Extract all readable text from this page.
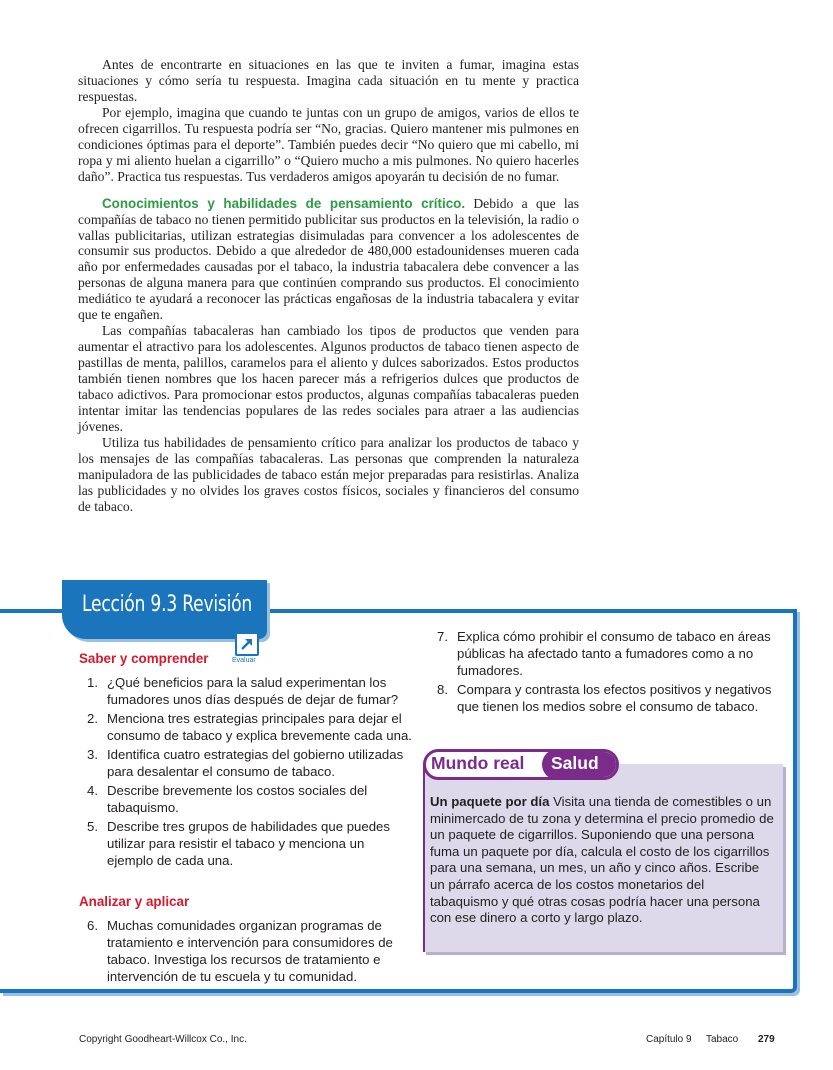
Antes de encontrarte en situaciones en las que te inviten a fumar, imagina estas situaciones y cómo sería tu respuesta. Imagina cada situación en tu mente y practica respuestas.

Por ejemplo, imagina que cuando te juntas con un grupo de amigos, varios de ellos te ofrecen cigarrillos. Tu respuesta podría ser “No, gracias. Quiero mantener mis pulmones en condiciones óptimas para el deporte”. También puedes decir “No quiero que mi cabello, mi ropa y mi aliento huelan a cigarrillo” o “Quiero mucho a mis pulmones. No quiero hacerles daño”. Practica tus respuestas. Tus verdaderos amigos apoyarán tu decisión de no fumar.

Conocimientos y habilidades de pensamiento crítico. Debido a que las compañías de tabaco no tienen permitido publicitar sus productos en la televisión, la radio o vallas publicitarias, utilizan estrategias disimuladas para convencer a los adolescentes de consumir sus productos. Debido a que alrededor de 480,000 estadounidenses mueren cada año por enfermedades causadas por el tabaco, la industria tabacalera debe convencer a las personas de alguna manera para que continúen comprando sus productos. El conocimiento mediático te ayudará a reconocer las prácticas engañosas de la industria tabacalera y evitar que te engañen.

Las compañías tabacaleras han cambiado los tipos de productos que venden para aumentar el atractivo para los adolescentes. Algunos productos de tabaco tienen aspecto de pastillas de menta, palillos, caramelos para el aliento y dulces saborizados. Estos productos también tienen nombres que los hacen parecer más a refrigerios dulces que productos de tabaco adictivos. Para promocionar estos productos, algunas compañías tabacaleras pueden intentar imitar las tendencias populares de las redes sociales para atraer a las audiencias jóvenes.

Utiliza tus habilidades de pensamiento crítico para analizar los productos de tabaco y los mensajes de las compañías tabacaleras. Las personas que comprenden la naturaleza manipuladora de las publicidades de tabaco están mejor preparadas para resistirlas. Analiza las publicidades y no olvides los graves costos físicos, sociales y financieros del consumo de tabaco.

Lección 9.3 Revisión
Saber y comprender	Evaluar
1. ¿Qué beneficios para la salud experimentan los fumadores unos días después de dejar de fumar?
2. Menciona tres estrategias principales para dejar el consumo de tabaco y explica brevemente cada una.
3. Identifica cuatro estrategias del gobierno utilizadas para desalentar el consumo de tabaco.
4. Describe brevemente los costos sociales del tabaquismo.
5. Describe tres grupos de habilidades que puedes utilizar para resistir el tabaco y menciona un ejemplo de cada una.
Analizar y aplicar
6. Muchas comunidades organizan programas de tratamiento e intervención para consumidores de tabaco. Investiga los recursos de tratamiento e intervención de tu escuela y tu comunidad.
7. Explica cómo prohibir el consumo de tabaco en áreas públicas ha afectado tanto a fumadores como a no fumadores.
8. Compara y contrasta los efectos positivos y negativos que tienen los medios sobre el consumo de tabaco.
Mundo real Salud
Un paquete por día Visita una tienda de comestibles o un minimercado de tu zona y determina el precio promedio de un paquete de cigarrillos. Suponiendo que una persona fuma un paquete por día, calcula el costo de los cigarrillos para una semana, un mes, un año y cinco años. Escribe un párrafo acerca de los costos monetarios del tabaquismo y qué otras cosas podría hacer una persona con ese dinero a corto y largo plazo.
Copyright Goodheart-Willcox Co., Inc.	Capítulo 9 Tabaco 279
